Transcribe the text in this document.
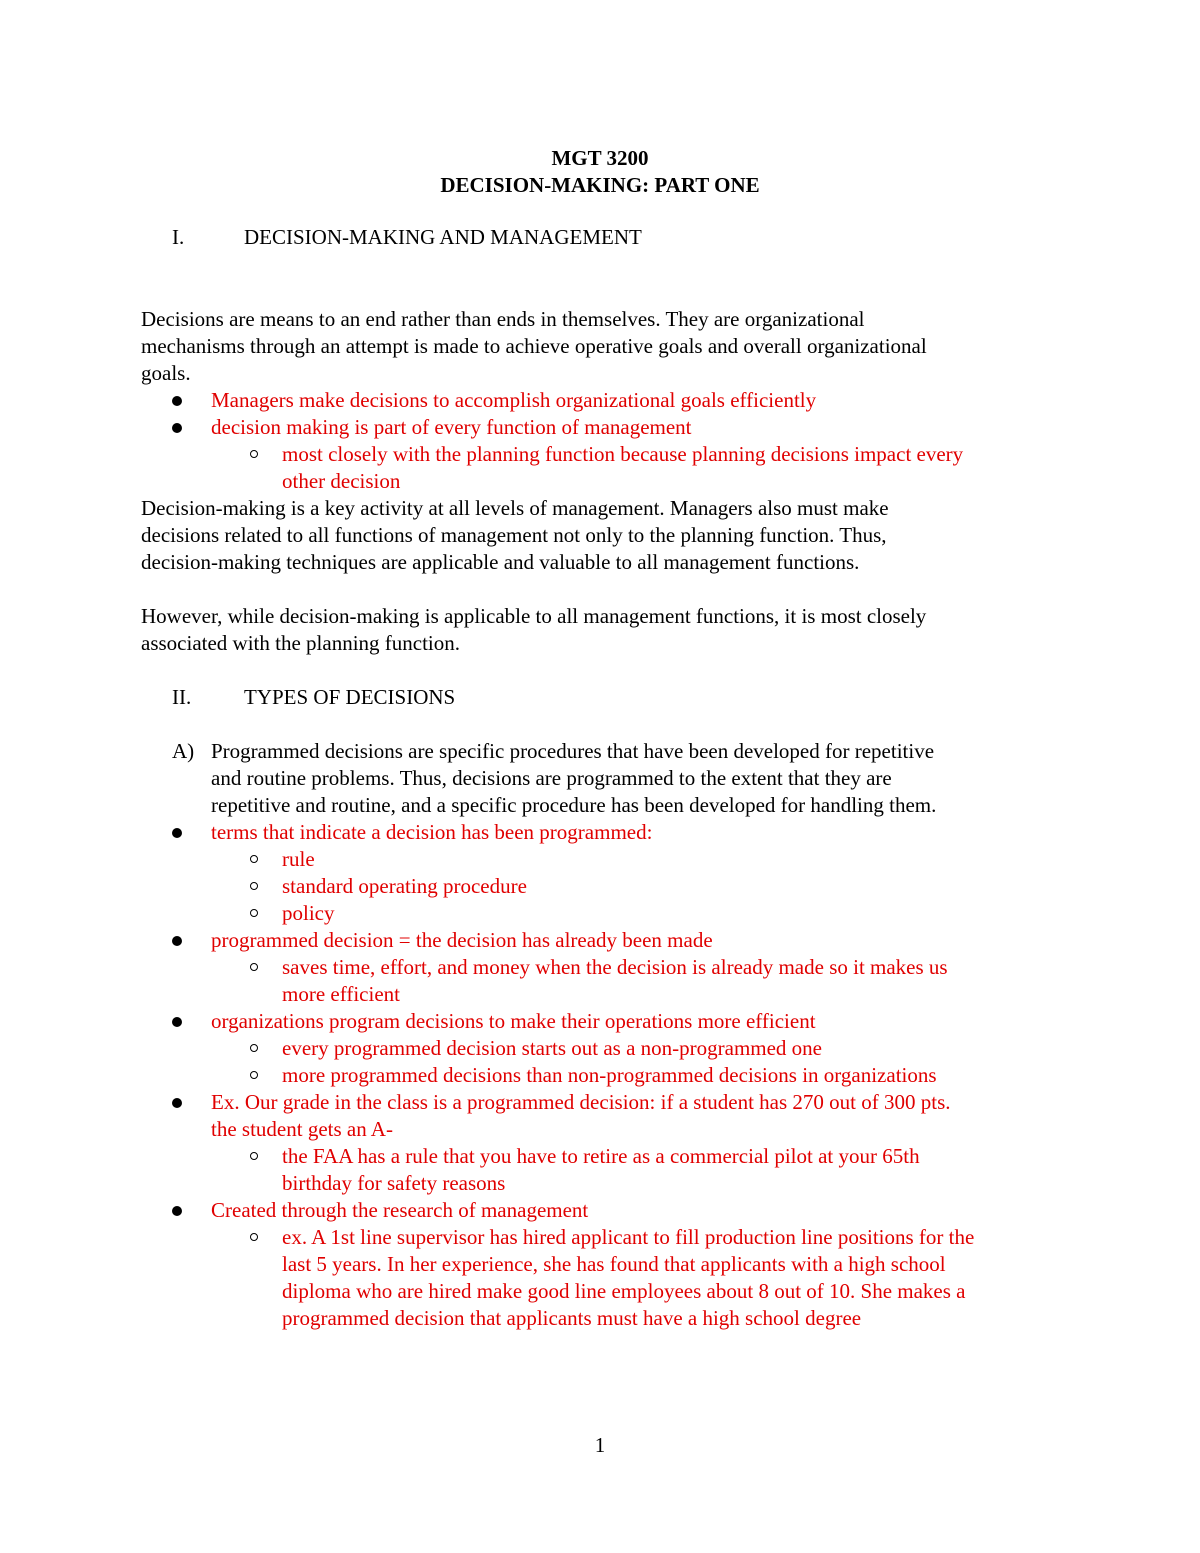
MGT 3200
DECISION-MAKING: PART ONE
I.	DECISION-MAKING AND MANAGEMENT
Decisions are means to an end rather than ends in themselves. They are organizational
mechanisms through an attempt is made to achieve operative goals and overall organizational
goals.
Managers make decisions to accomplish organizational goals efficiently
decision making is part of every function of management
most closely with the planning function because planning decisions impact every
other decision
Decision-making is a key activity at all levels of management. Managers also must make
decisions related to all functions of management not only to the planning function. Thus,
decision-making techniques are applicable and valuable to all management functions.
However, while decision-making is applicable to all management functions, it is most closely
associated with the planning function.
II.	TYPES OF DECISIONS
A) Programmed decisions are specific procedures that have been developed for repetitive
and routine problems. Thus, decisions are programmed to the extent that they are
repetitive and routine, and a specific procedure has been developed for handling them.
terms that indicate a decision has been programmed:
rule
standard operating procedure
policy
programmed decision = the decision has already been made
saves time, effort, and money when the decision is already made so it makes us
more efficient
organizations program decisions to make their operations more efficient
every programmed decision starts out as a non-programmed one
more programmed decisions than non-programmed decisions in organizations
Ex. Our grade in the class is a programmed decision: if a student has 270 out of 300 pts.
the student gets an A-
the FAA has a rule that you have to retire as a commercial pilot at your 65th
birthday for safety reasons
Created through the research of management
ex. A 1st line supervisor has hired applicant to fill production line positions for the
last 5 years. In her experience, she has found that applicants with a high school
diploma who are hired make good line employees about 8 out of 10. She makes a
programmed decision that applicants must have a high school degree
1
